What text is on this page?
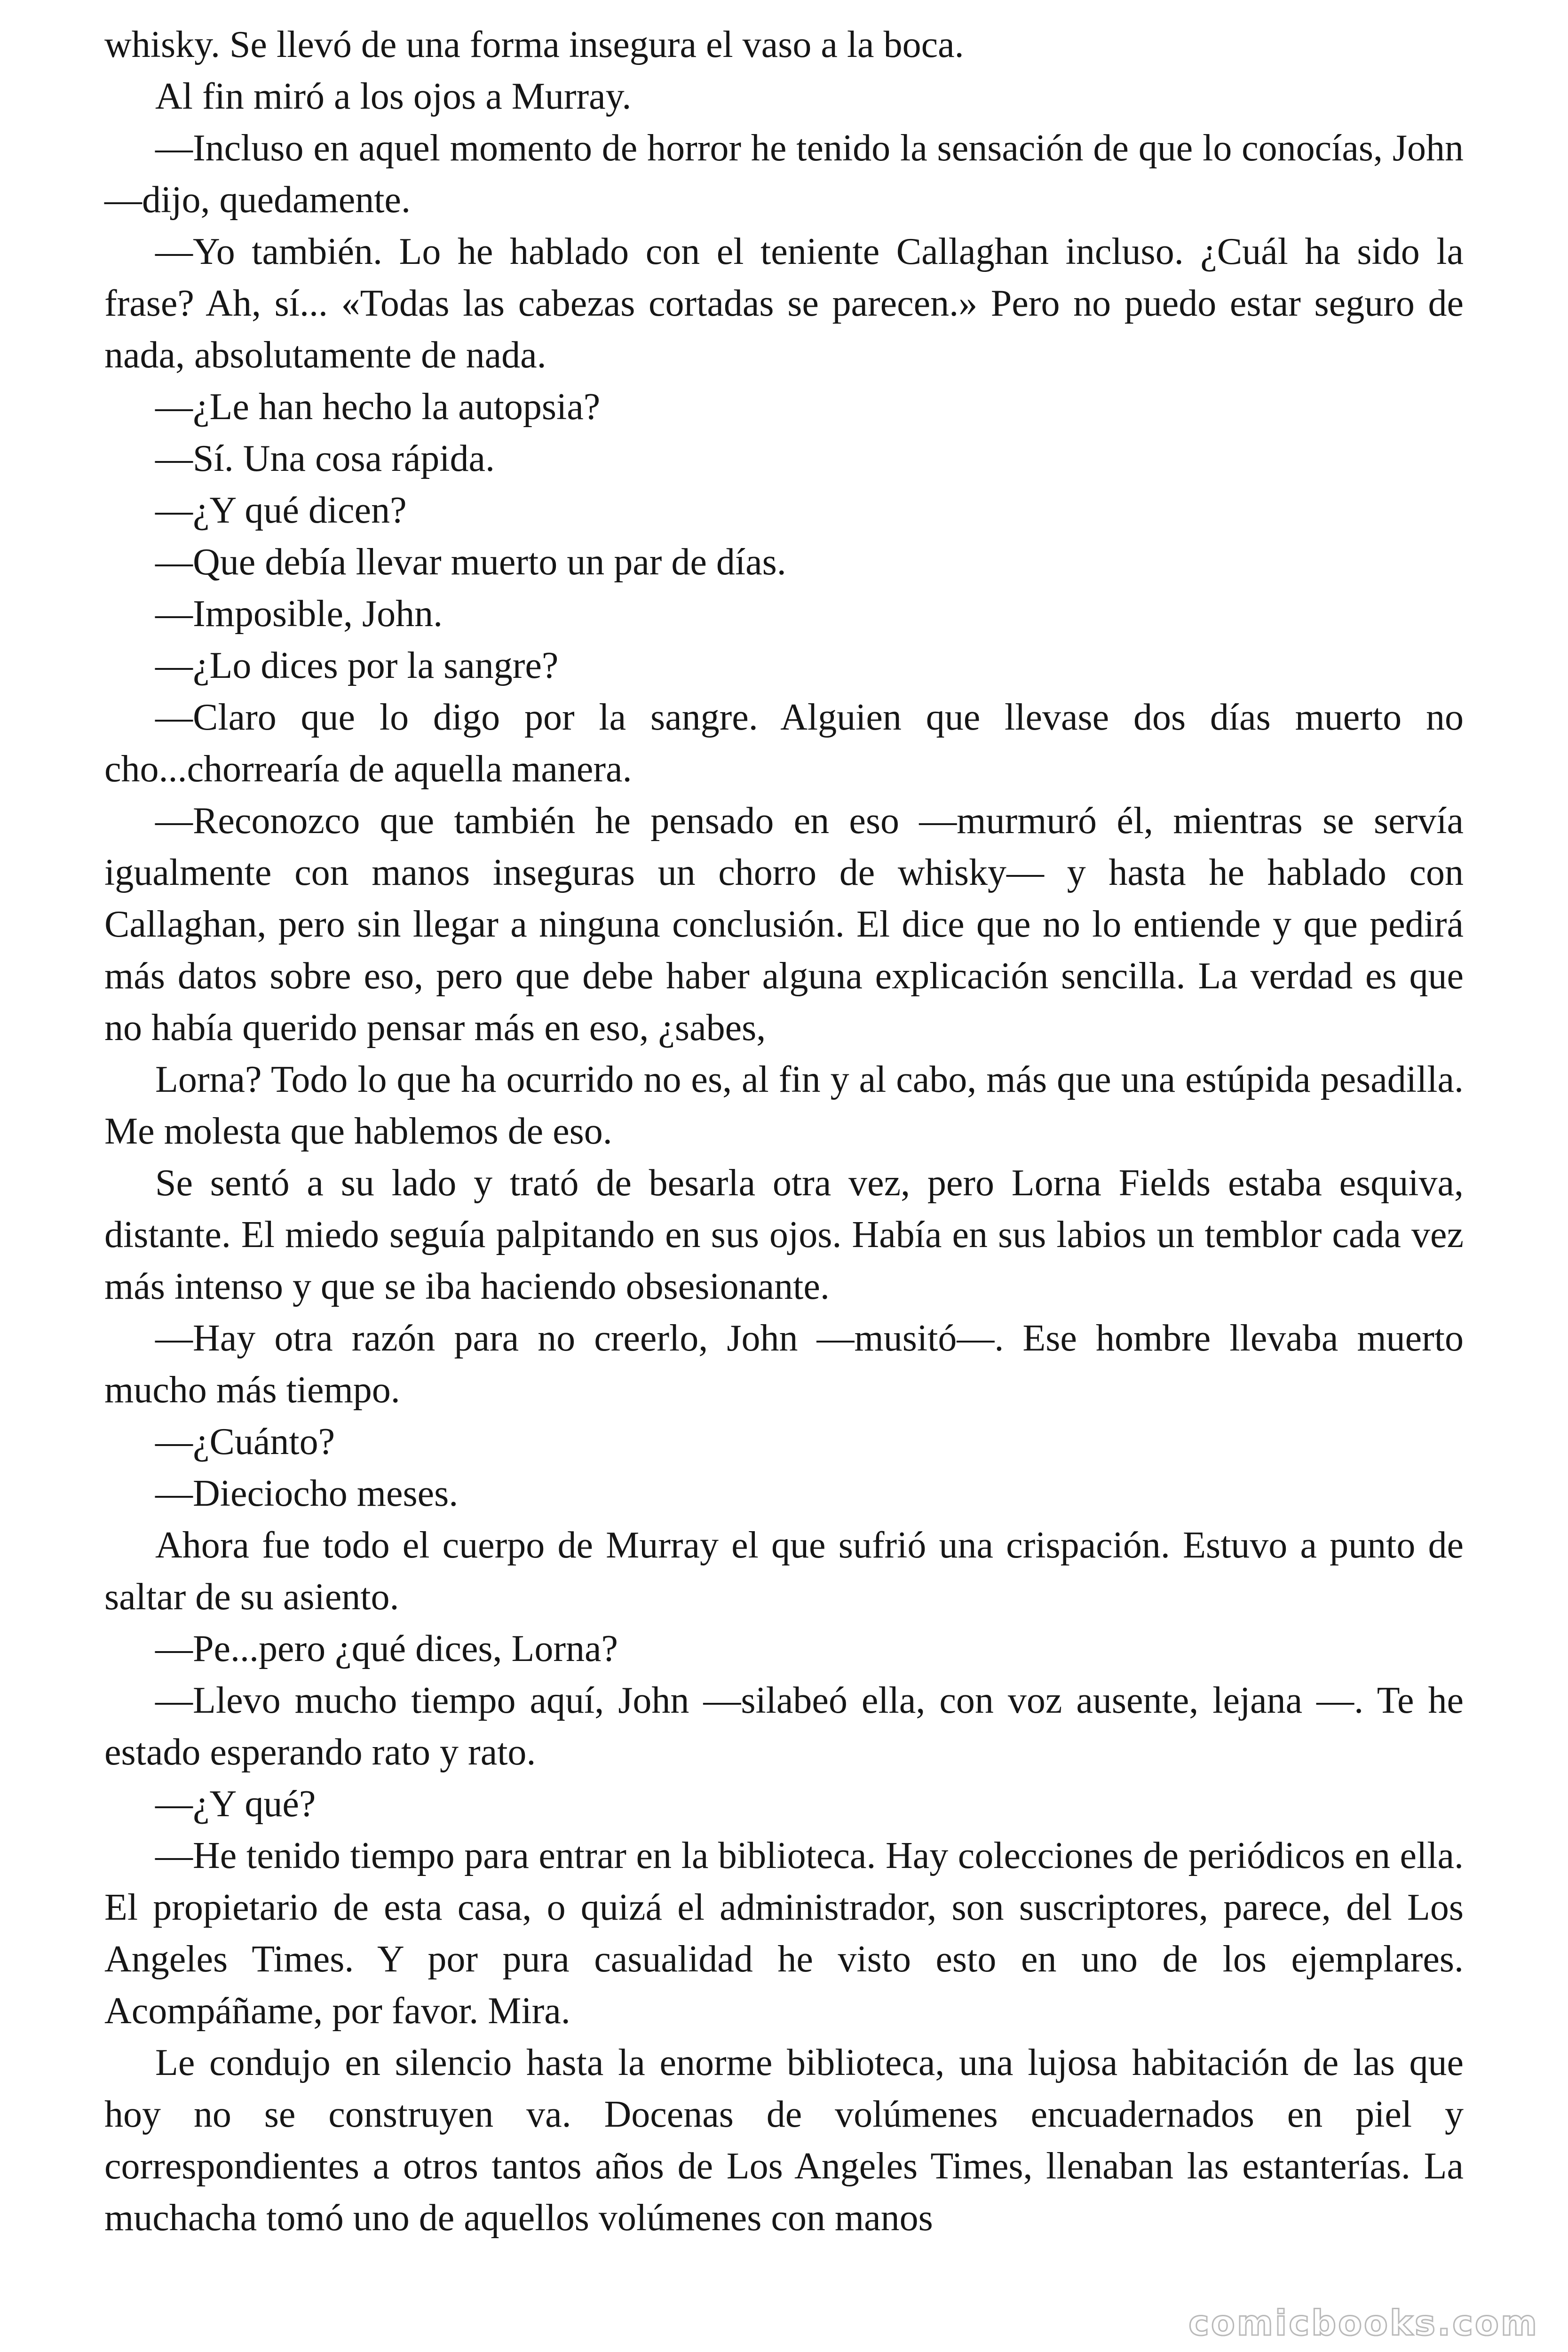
whisky. Se llevó de una forma insegura el vaso a la boca.

Al fin miró a los ojos a Murray.

—Incluso en aquel momento de horror he tenido la sensación de que lo conocías, John —dijo, quedamente.

—Yo también. Lo he hablado con el teniente Callaghan incluso. ¿Cuál ha sido la frase? Ah, sí... «Todas las cabezas cortadas se parecen.» Pero no puedo estar seguro de nada, absolutamente de nada.

—¿Le han hecho la autopsia?

—Sí. Una cosa rápida.

—¿Y qué dicen?

—Que debía llevar muerto un par de días.

—Imposible, John.

—¿Lo dices por la sangre?

—Claro que lo digo por la sangre. Alguien que llevase dos días muerto no cho...chorrearía de aquella manera.

—Reconozco que también he pensado en eso —murmuró él, mientras se servía igualmente con manos inseguras un chorro de whisky— y hasta he hablado con Callaghan, pero sin llegar a ninguna conclusión. El dice que no lo entiende y que pedirá más datos sobre eso, pero que debe haber alguna explicación sencilla. La verdad es que no había querido pensar más en eso, ¿sabes,

Lorna? Todo lo que ha ocurrido no es, al fin y al cabo, más que una estúpida pesadilla. Me molesta que hablemos de eso.

Se sentó a su lado y trató de besarla otra vez, pero Lorna Fields estaba esquiva, distante. El miedo seguía palpitando en sus ojos. Había en sus labios un temblor cada vez más intenso y que se iba haciendo obsesionante.

—Hay otra razón para no creerlo, John —musitó—. Ese hombre llevaba muerto mucho más tiempo.

—¿Cuánto?

—Dieciocho meses.

Ahora fue todo el cuerpo de Murray el que sufrió una crispación. Estuvo a punto de saltar de su asiento.

—Pe...pero ¿qué dices, Lorna?

—Llevo mucho tiempo aquí, John —silabeó ella, con voz ausente, lejana —. Te he estado esperando rato y rato.

—¿Y qué?

—He tenido tiempo para entrar en la biblioteca. Hay colecciones de periódicos en ella. El propietario de esta casa, o quizá el administrador, son suscriptores, parece, del Los Angeles Times. Y por pura casualidad he visto esto en uno de los ejemplares. Acompáñame, por favor. Mira.

Le condujo en silencio hasta la enorme biblioteca, una lujosa habitación de las que hoy no se construyen va. Docenas de volúmenes encuadernados en piel y correspondientes a otros tantos años de Los Angeles Times, llenaban las estanterías. La muchacha tomó uno de aquellos volúmenes con manos

comicbooks.com
